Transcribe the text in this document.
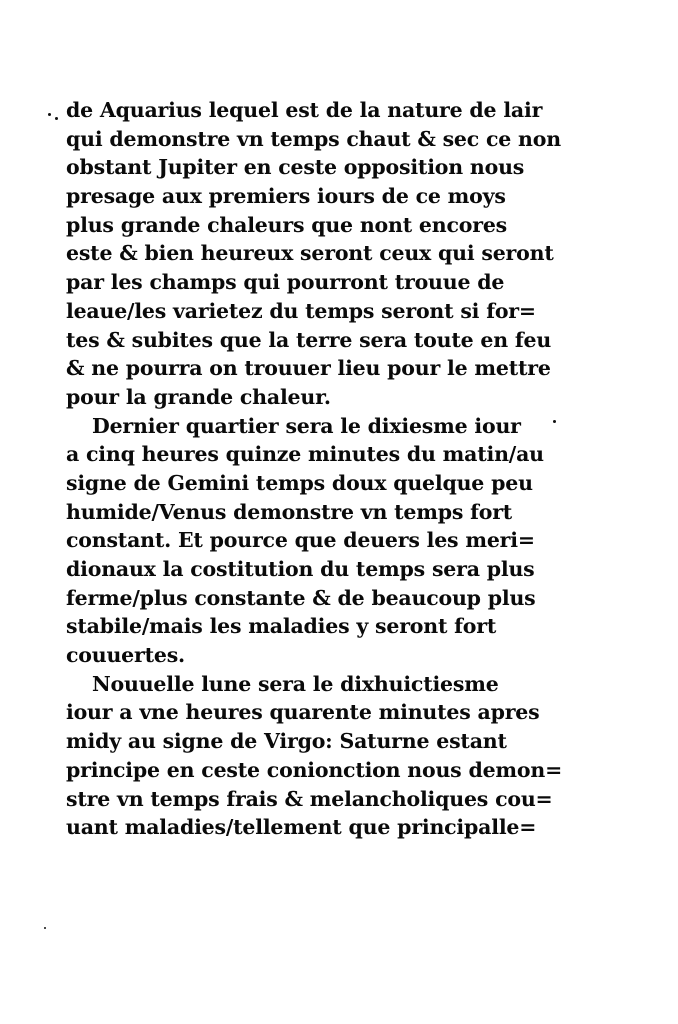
de Aquarius lequel est de la nature de lair
qui demonstre vn temps chaut & sec ce non
obstant Jupiter en ceste opposition nous
presage aux premiers iours de ce moys
plus grande chaleurs que nont encores
este & bien heureux seront ceux qui seront
par les champs qui pourront trouue de
leaue/les varietez du temps seront si for=
tes & subites que la terre sera toute en feu
& ne pourra on trouuer lieu pour le mettre
pour la grande chaleur.
Dernier quartier sera le dixiesme iour
a cinq heures quinze minutes du matin/au
signe de Gemini temps doux quelque peu
humide/Venus demonstre vn temps fort
constant. Et pource que deuers les meri=
dionaux la costitution du temps sera plus
ferme/plus constante & de beaucoup plus
stabile/mais les maladies y seront fort
couuertes.
Nouuelle lune sera le dixhuictiesme
iour a vne heures quarente minutes apres
midy au signe de Virgo: Saturne estant
principe en ceste conionction nous demon=
stre vn temps frais & melancholiques cou=
uant maladies/tellement que principalle=
